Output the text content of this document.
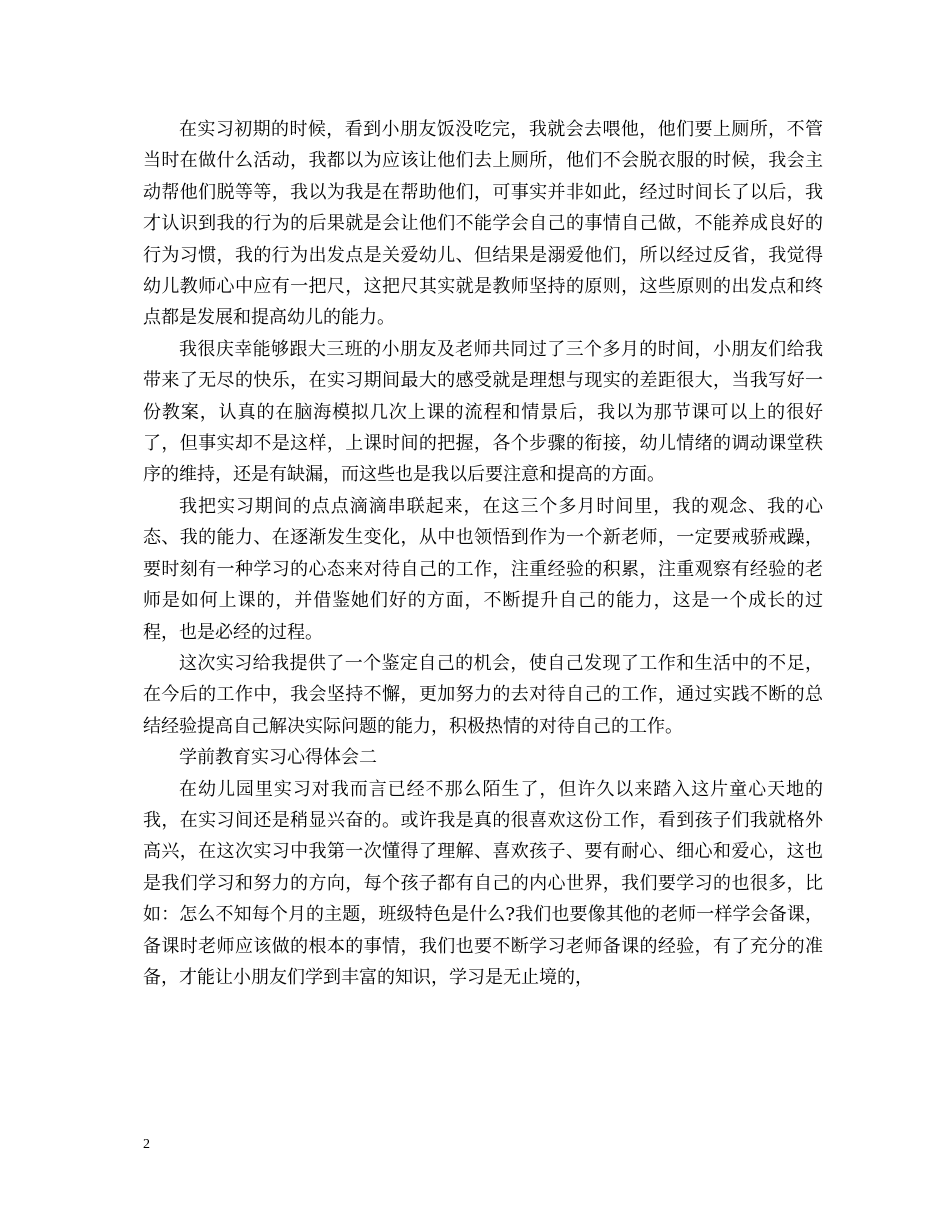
在实习初期的时候，看到小朋友饭没吃完，我就会去喂他，他们要上厕所，不管当时在做什么活动，我都以为应该让他们去上厕所，他们不会脱衣服的时候，我会主动帮他们脱等等，我以为我是在帮助他们，可事实并非如此，经过时间长了以后，我才认识到我的行为的后果就是会让他们不能学会自己的事情自己做，不能养成良好的行为习惯，我的行为出发点是关爱幼儿、但结果是溺爱他们，所以经过反省，我觉得幼儿教师心中应有一把尺，这把尺其实就是教师坚持的原则，这些原则的出发点和终点都是发展和提高幼儿的能力。

我很庆幸能够跟大三班的小朋友及老师共同过了三个多月的时间，小朋友们给我带来了无尽的快乐，在实习期间最大的感受就是理想与现实的差距很大，当我写好一份教案，认真的在脑海模拟几次上课的流程和情景后，我以为那节课可以上的很好了，但事实却不是这样，上课时间的把握，各个步骤的衔接，幼儿情绪的调动课堂秩序的维持，还是有缺漏，而这些也是我以后要注意和提高的方面。

我把实习期间的点点滴滴串联起来，在这三个多月时间里，我的观念、我的心态、我的能力、在逐渐发生变化，从中也领悟到作为一个新老师，一定要戒骄戒躁，要时刻有一种学习的心态来对待自己的工作，注重经验的积累，注重观察有经验的老师是如何上课的，并借鉴她们好的方面，不断提升自己的能力，这是一个成长的过程，也是必经的过程。

这次实习给我提供了一个鉴定自己的机会，使自己发现了工作和生活中的不足，在今后的工作中，我会坚持不懈，更加努力的去对待自己的工作，通过实践不断的总结经验提高自己解决实际问题的能力，积极热情的对待自己的工作。

学前教育实习心得体会二

在幼儿园里实习对我而言已经不那么陌生了，但许久以来踏入这片童心天地的我，在实习间还是稍显兴奋的。或许我是真的很喜欢这份工作，看到孩子们我就格外高兴，在这次实习中我第一次懂得了理解、喜欢孩子、要有耐心、细心和爱心，这也是我们学习和努力的方向，每个孩子都有自己的内心世界，我们要学习的也很多，比如：怎么不知每个月的主题，班级特色是什么?我们也要像其他的老师一样学会备课，备课时老师应该做的根本的事情，我们也要不断学习老师备课的经验，有了充分的准备，才能让小朋友们学到丰富的知识，学习是无止境的，

2
